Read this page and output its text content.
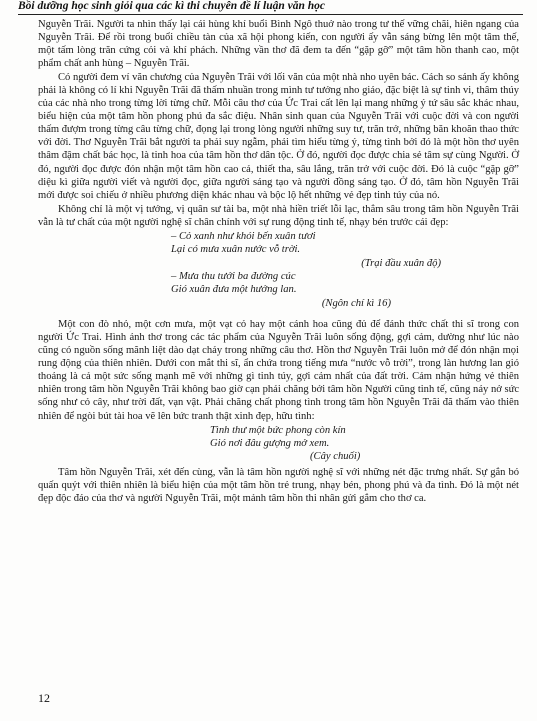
Bồi dưỡng học sinh giỏi qua các kì thi chuyên đề lí luận văn học

Nguyễn Trãi. Người ta nhìn thấy lại cái hùng khí buổi Bình Ngô thuở nào trong tư thế vững chãi, hiên ngang của Nguyễn Trãi. Để rồi trong buổi chiều tàn của xã hội phong kiến, con người ấy vẫn sáng bừng lên một tâm thế, một tấm lòng trăn cứng cỏi và khí phách. Những vần thơ đã đem ta đến “gặp gỡ” một tâm hồn thanh cao, một phẩm chất anh hùng – Nguyễn Trãi.

Có người đem ví văn chương của Nguyễn Trãi với lối văn của một nhà nho uyên bác. Cách so sánh ấy không phải là không có lí khi Nguyễn Trãi đã thấm nhuần trong mình tư tưởng nho giáo, đặc biệt là sự tinh vi, thâm thúy của các nhà nho trong từng lời từng chữ. Mỗi câu thơ của Ức Trai cất lên lại mang những ý tứ sâu sắc khác nhau, biểu hiện của một tâm hồn phong phú đa sắc điệu. Nhân sinh quan của Nguyễn Trãi với cuộc đời và con người thấm đượm trong từng câu từng chữ, đọng lại trong lòng người những suy tư, trăn trở, những băn khoăn thao thức với đời. Thơ Nguyễn Trãi bắt người ta phải suy ngẫm, phải tìm hiểu từng ý, từng tình bởi đó là một hồn thơ uyên thâm đậm chất bác học, là tinh hoa của tâm hồn thơ dân tộc. Ở đó, người đọc được chia sẻ tâm sự cùng Người. Ở đó, người đọc được đón nhận một tâm hồn cao cả, thiết tha, sâu lắng, trăn trở với cuộc đời. Đó là cuộc “gặp gỡ” diệu kì giữa người viết và người đọc, giữa người sáng tạo và người đồng sáng tạo. Ở đó, tâm hồn Nguyễn Trãi mới được soi chiếu ở nhiều phương diện khác nhau và bộc lộ hết những vẻ đẹp tinh túy của nó.

Không chỉ là một vị tướng, vị quân sư tài ba, một nhà hiền triết lỗi lạc, thẳm sâu trong tâm hồn Nguyễn Trãi vẫn là tư chất của một người nghệ sĩ chân chính với sự rung động tinh tế, nhạy bén trước cái đẹp:

– Cỏ xanh như khói bến xuân tươi
Lại có mưa xuân nước vỗ trời.
(Trại đầu xuân độ)
– Mưa thu tưới ba đường cúc
Gió xuân đưa một hướng lan.
(Ngôn chí kì 16)

Một con đò nhỏ, một cơn mưa, một vạt cỏ hay một cánh hoa cũng đủ để đánh thức chất thi sĩ trong con người Ức Trai. Hình ảnh thơ trong các tác phẩm của Nguyễn Trãi luôn sống động, gợi cảm, dường như lúc nào cũng có nguồn sống mãnh liệt dào dạt chảy trong những câu thơ. Hồn thơ Nguyễn Trãi luôn mở để đón nhận mọi rung động của thiên nhiên. Dưới con mắt thi sĩ, ẩn chứa trong tiếng mưa “nước vỗ trời”, trong làn hương lan gió thoảng là cả một sức sống mạnh mẽ với những gì tinh túy, gợi cảm nhất của đất trời. Cảm nhận hứng vẻ thiên nhiên trong tâm hồn Nguyễn Trãi không bao giờ cạn phải chăng bởi tâm hồn Người cũng tinh tế, cũng nảy nở sức sống như cỏ cây, như trời đất, vạn vật. Phải chăng chất phong tình trong tâm hồn Nguyễn Trãi đã thấm vào thiên nhiên để ngòi bút tài hoa vẽ lên bức tranh thật xinh đẹp, hữu tình:

Tình thư một bức phong còn kín
Gió nơi đâu gượng mở xem.
(Cây chuối)

Tâm hồn Nguyễn Trãi, xét đến cùng, vẫn là tâm hồn người nghệ sĩ với những nét đặc trưng nhất. Sự gắn bó quấn quýt với thiên nhiên là biểu hiện của một tâm hồn trẻ trung, nhạy bén, phong phú và đa tình. Đó là một nét đẹp độc đáo của thơ và người Nguyễn Trãi, một mảnh tâm hồn thi nhân gửi gắm cho thơ ca.

12
